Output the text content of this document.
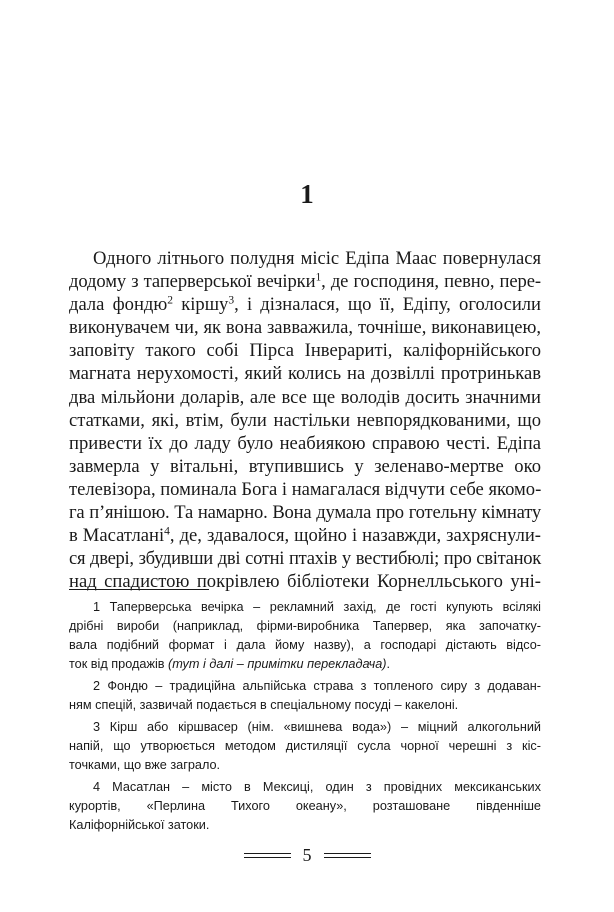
1
Одного літнього полудня місіс Едіпа Маас повернулася
додому з таперверської вечірки$^1$, де господиня, певно, пере-
дала фондю$^2$ кіршу$^3$, і дізналася, що її, Едіпу, оголосили
виконувачем чи, як вона завважила, точніше, виконавицею,
заповіту такого собі Пірса Інверариті, каліфорнійського
магната нерухомості, який колись на дозвіллі протринькав
два мільйони доларів, але все ще володів досить значними
статками, які, втім, були настільки невпорядкованими, що
привести їх до ладу було неабиякою справою честі. Едіпа
завмерла у вітальні, втупившись у зеленаво-мертве око
телевізора, поминала Бога і намагалася відчути себе якомо-
га п’янішою. Та намарно. Вона думала про готельну кімнату
в Масатлані$^4$, де, здавалося, щойно і назавжди, захряснули-
ся двері, збудивши дві сотні птахів у вестибюлі; про світанок
над спадистою покрівлею бібліотеки Корнелльського уні-
1 Таперверська вечірка – рекламний захід, де гості купують всілякі
дрібні вироби (наприклад, фірми-виробника Тапервер, яка започатку-
вала подібний формат і дала йому назву), а господарі дістають відсо-
ток від продажів (тут і далі – примітки перекладача).
2 Фондю – традиційна альпійська страва з топленого сиру з додаван-
ням спецій, зазвичай подається в спеціальному посуді – какелоні.
3 Кірш або кіршвасер (нім. «вишнева вода») – міцний алкогольний
напій, що утворюється методом дистиляції сусла чорної черешні з кіс-
точками, що вже заграло.
4 Масатлан – місто в Мексиці, один з провідних мексиканських
курортів, «Перлина Тихого океану», розташоване південніше
Каліфорнійської затоки.
5
